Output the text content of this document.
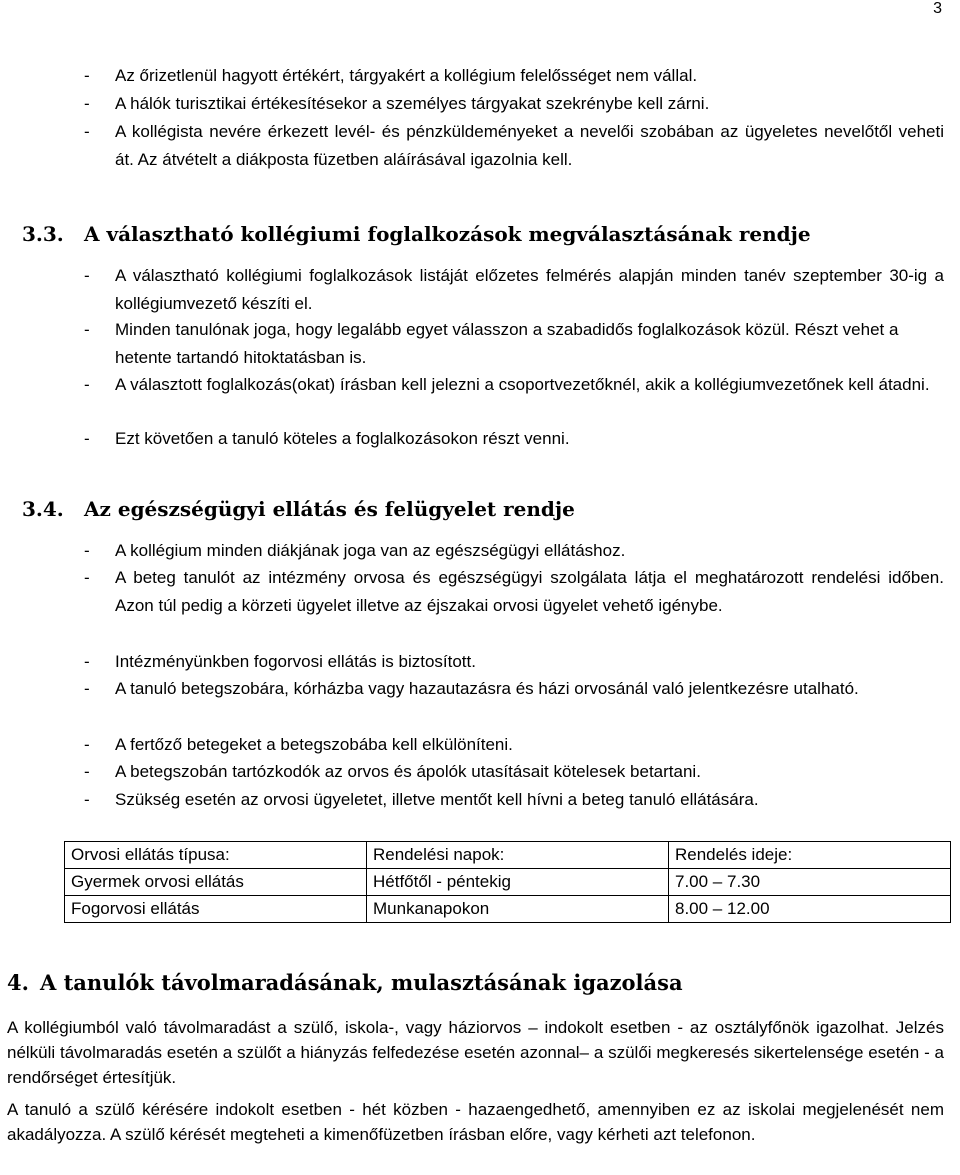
3
- Az őrizetlenül hagyott értékért, tárgyakért a kollégium felelősséget nem vállal.
- A hálók turisztikai értékesítésekor a személyes tárgyakat szekrénybe kell zárni.
- A kollégista nevére érkezett levél- és pénzküldeményeket a nevelői szobában az ügyeletes nevelőtől veheti át. Az átvételt a diákposta füzetben aláírásával igazolnia kell.
3.3. A választható kollégiumi foglalkozások megválasztásának rendje
- A választható kollégiumi foglalkozások listáját előzetes felmérés alapján minden tanév szeptember 30-ig a kollégiumvezető készíti el.
- Minden tanulónak joga, hogy legalább egyet válasszon a szabadidős foglalkozások közül. Részt vehet a hetente tartandó hitoktatásban is.
- A választott foglalkozás(okat) írásban kell jelezni a csoportvezetőknél, akik a kollégiumvezetőnek kell átadni.
- Ezt követően a tanuló köteles a foglalkozásokon részt venni.
3.4. Az egészségügyi ellátás és felügyelet rendje
- A kollégium minden diákjának joga van az egészségügyi ellátáshoz.
- A beteg tanulót az intézmény orvosa és egészségügyi szolgálata látja el meghatározott rendelési időben. Azon túl pedig a körzeti ügyelet illetve az éjszakai orvosi ügyelet vehető igénybe.
- Intézményünkben fogorvosi ellátás is biztosított.
- A tanuló betegszobára, kórházba vagy hazautazásra és házi orvosánál való jelentkezésre utalható.
- A fertőző betegeket a betegszobába kell elkülöníteni.
- A betegszobán tartózkodók az orvos és ápolók utasításait kötelesek betartani.
- Szükség esetén az orvosi ügyeletet, illetve mentőt kell hívni a beteg tanuló ellátására.
Orvosi ellátás típusa:	Rendelési napok:	Rendelés ideje:
Gyermek orvosi ellátás	Hétfőtől - péntekig	7.00 – 7.30
Fogorvosi ellátás	Munkanapokon	8.00 – 12.00
4. A tanulók távolmaradásának, mulasztásának igazolása
A kollégiumból való távolmaradást a szülő, iskola-, vagy háziorvos – indokolt esetben - az osztályfőnök igazolhat. Jelzés nélküli távolmaradás esetén a szülőt a hiányzás felfedezése esetén azonnal– a szülői megkeresés sikertelensége esetén - a rendőrséget értesítjük.
A tanuló a szülő kérésére indokolt esetben - hét közben - hazaengedhető, amennyiben ez az iskolai megjelenését nem akadályozza. A szülő kérését megteheti a kimenőfüzetben írásban előre, vagy kérheti azt telefonon.
